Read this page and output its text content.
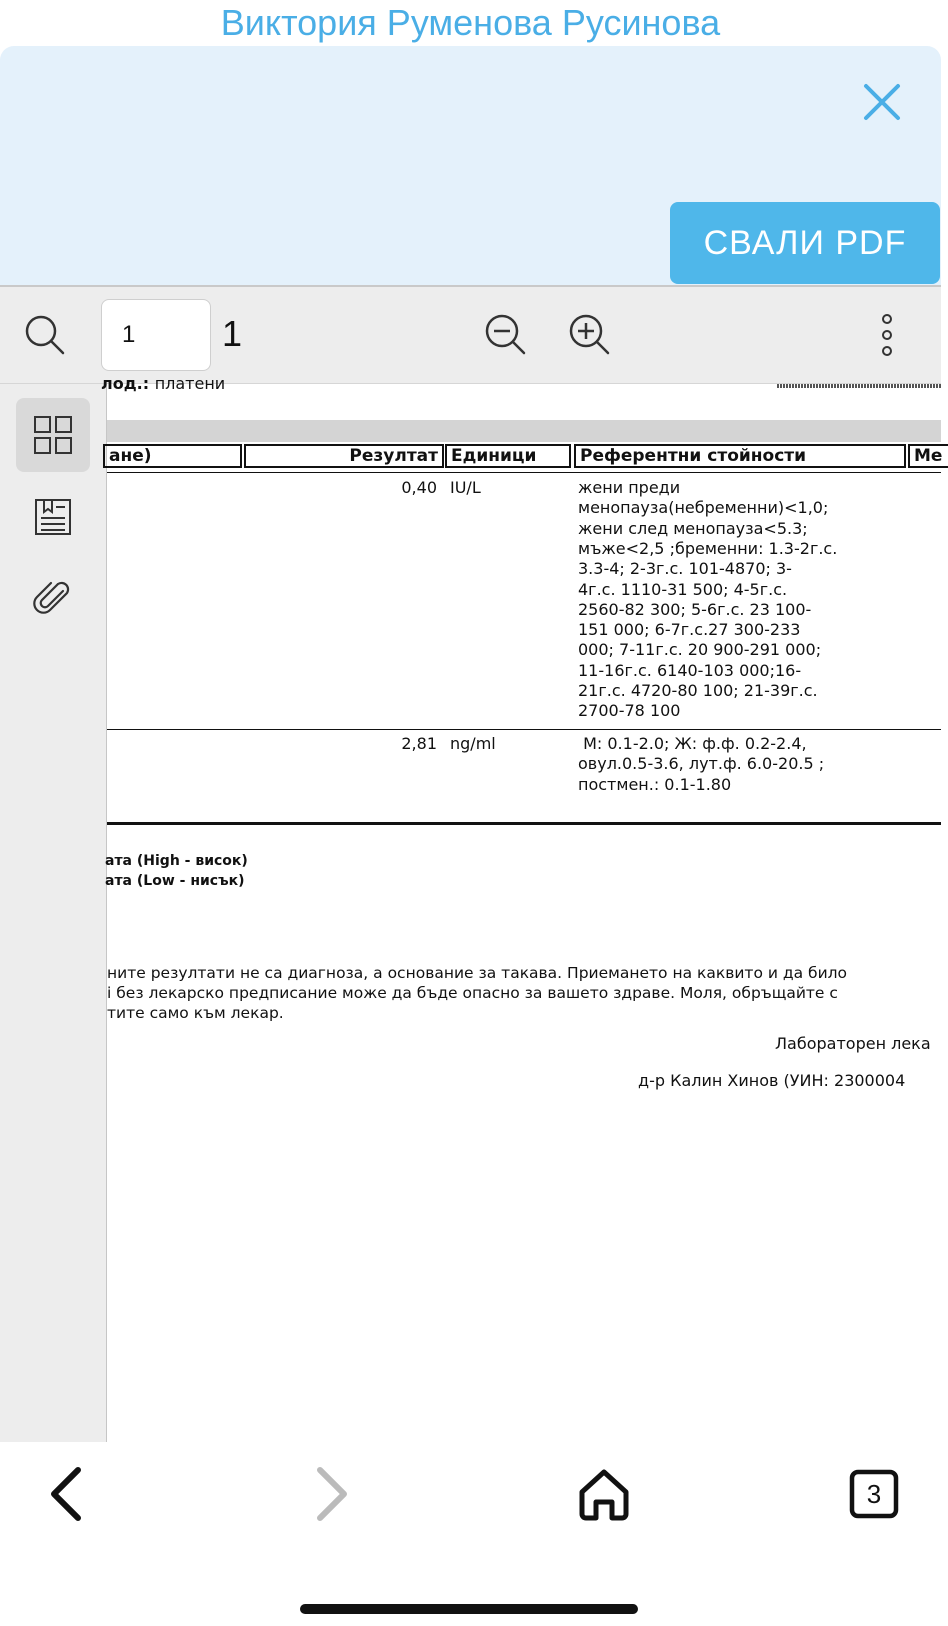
Виктория Руменова Русинова
СВАЛИ PDF
1
1
лод.: платени
ане)	Резултат Единици	Референтни стойности	Ме
0,40 IU/L	жени преди
менопауза(небременни)<1,0;
жени след менопауза<5.3;
мъже<2,5 ;бременни: 1.3-2г.с.
3.3-4; 2-3г.с. 101-4870; 3-
4г.с. 1110-31 500; 4-5г.с.
2560-82 300; 5-6г.с. 23 100-
151 000; 6-7г.с.27 300-233
000; 7-11г.с. 20 900-291 000;
11-16г.с. 6140-103 000;16-
21г.с. 4720-80 100; 21-39г.с.
2700-78 100
2,81 ng/ml	М: 0.1-2.0; Ж: ф.ф. 0.2-2.4,
овул.0.5-3.6, лут.ф. 6.0-20.5 ;
постмен.: 0.1-1.80
ата (High - висок)
ата (Low - нисък)
ните резултати не са диагноза, а основание за такава. Приемането на каквито и да било
і без лекарско предписание може да бъде опасно за вашето здраве. Моля, обръщайте с
тите само към лекар.
Лабораторен лека
д-р Калин Хинов (УИН: 2300004
3
